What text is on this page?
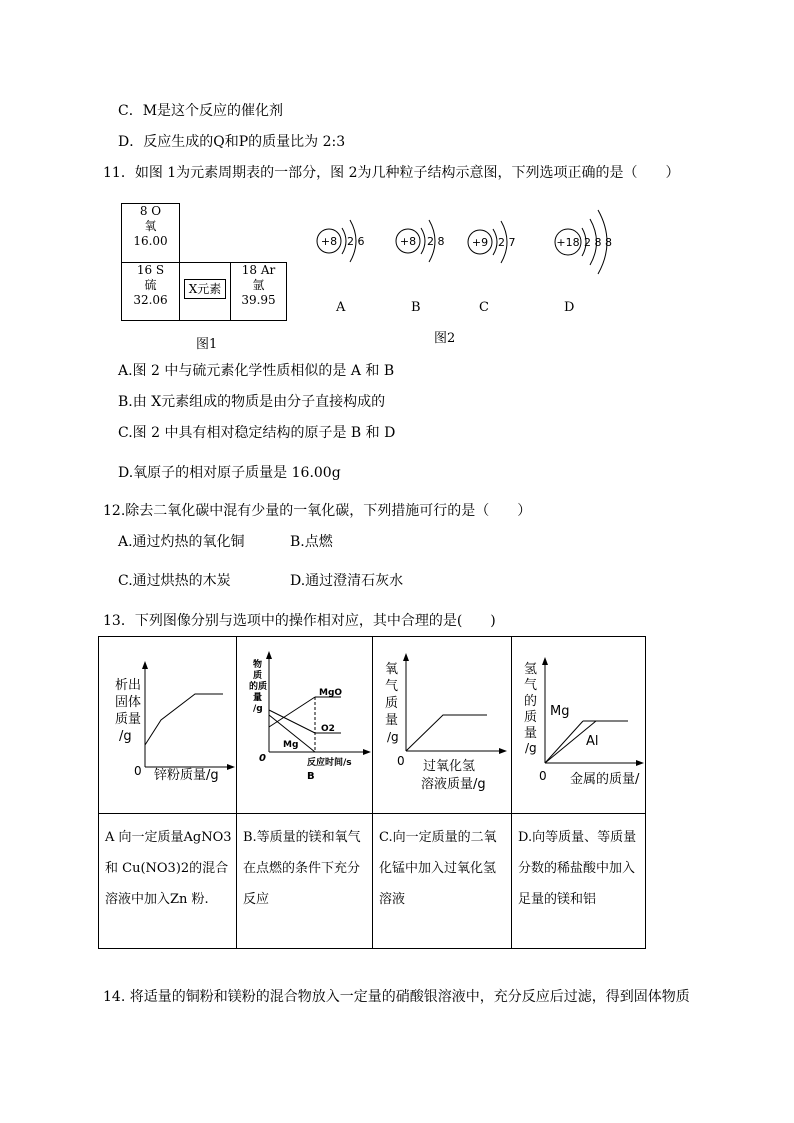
C．M是这个反应的催化剂
D．反应生成的Q和P的质量比为 2:3
11．如图 1为元素周期表的一部分，图 2为几种粒子结构示意图，下列选项正确的是（　　）
8 O
氧
16.00
16 S
硫
32.06
X元素
18 Ar
氩
39.95
图1
+8 2 6	+8 2 8 +9 2 7	+18 2 8 8
A	B	C	D
图2
A.图 2 中与硫元素化学性质相似的是 A 和 B
B.由 X元素组成的物质是由分子直接构成的
C.图 2 中具有相对稳定结构的原子是 B 和 D
D.氧原子的相对原子质量是 16.00g
12.除去二氧化碳中混有少量的一氧化碳，下列措施可行的是（　　）
A.通过灼热的氧化铜	B.点燃
C.通过烘热的木炭	D.通过澄清石灰水
13．下列图像分别与选项中的操作相对应，其中合理的是(　　)
析出
固体
质量
/g
0 锌粉质量/g
物
质
的质
量
/g
0
MgO
O2
Mg
反应时间/s
B
氧
气
质
量
/g
0 过氧化氢
溶液质量/g
氢
气
的
质
量
/g
Mg
Al
0 金属的质量/
A 向一定质量AgNO3和 Cu(NO3)2的混合溶液中加入Zn 粉.
B.等质量的镁和氧气在点燃的条件下充分反应
C.向一定质量的二氧化锰中加入过氧化氢溶液
D.向等质量、等质量分数的稀盐酸中加入足量的镁和铝
14. 将适量的铜粉和镁粉的混合物放入一定量的硝酸银溶液中，充分反应后过滤，得到固体物质
